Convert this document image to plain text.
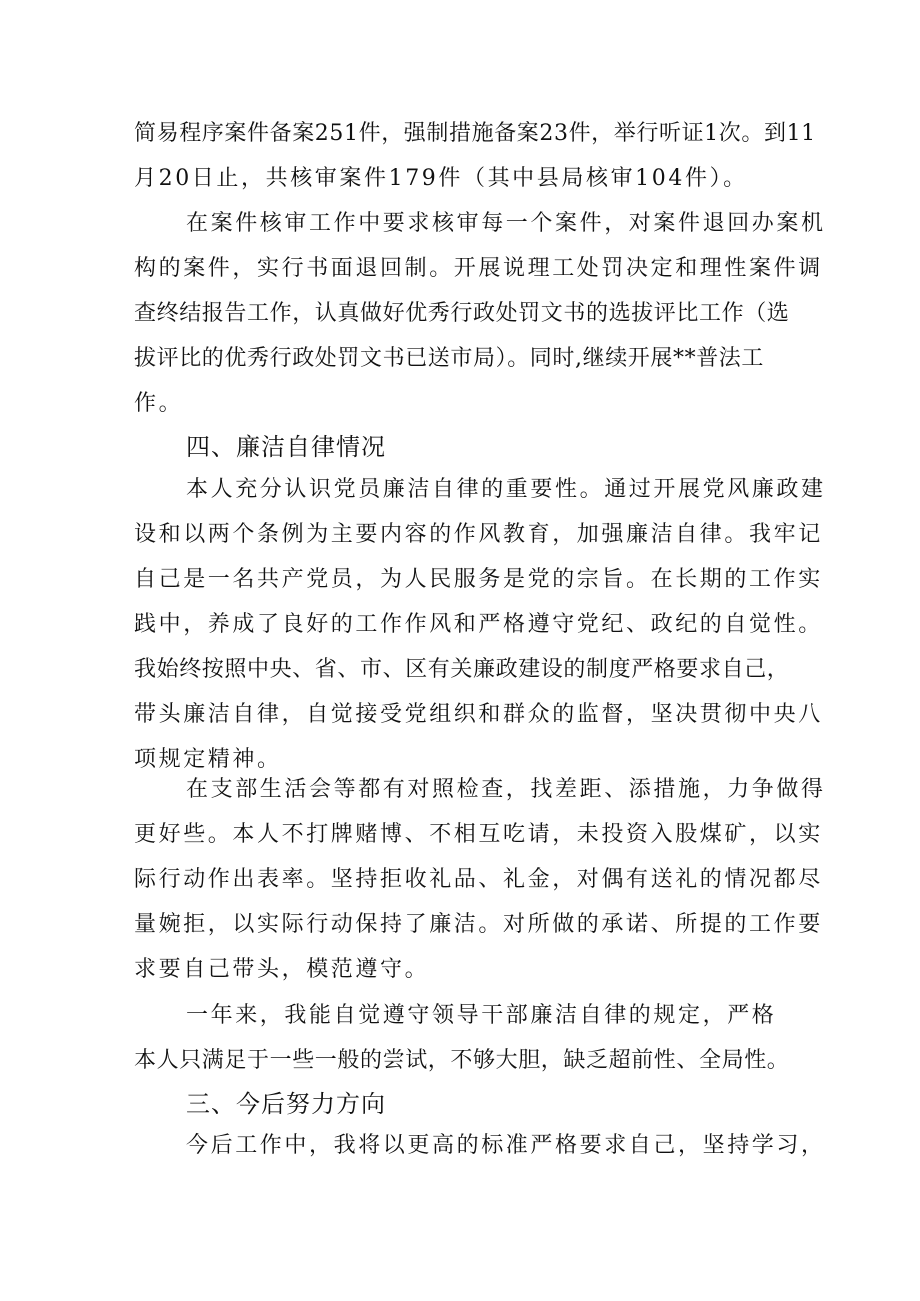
简易程序案件备案251件，强制措施备案23件，举行听证1次。到11
月20日止，共核审案件179件（其中县局核审104件）。
在案件核审工作中要求核审每一个案件，对案件退回办案机
构的案件，实行书面退回制。开展说理工处罚决定和理性案件调
查终结报告工作，认真做好优秀行政处罚文书的选拔评比工作（选
拔评比的优秀行政处罚文书已送市局）。同时,继续开展**普法工
作。
四、廉洁自律情况
本人充分认识党员廉洁自律的重要性。通过开展党风廉政建
设和以两个条例为主要内容的作风教育，加强廉洁自律。我牢记
自己是一名共产党员，为人民服务是党的宗旨。在长期的工作实
践中，养成了良好的工作作风和严格遵守党纪、政纪的自觉性。
我始终按照中央、省、市、区有关廉政建设的制度严格要求自己，
带头廉洁自律，自觉接受党组织和群众的监督，坚决贯彻中央八
项规定精神。
在支部生活会等都有对照检查，找差距、添措施，力争做得
更好些。本人不打牌赌博、不相互吃请，未投资入股煤矿，以实
际行动作出表率。坚持拒收礼品、礼金，对偶有送礼的情况都尽
量婉拒，以实际行动保持了廉洁。对所做的承诺、所提的工作要
求要自己带头，模范遵守。
一年来，我能自觉遵守领导干部廉洁自律的规定，严格
本人只满足于一些一般的尝试，不够大胆，缺乏超前性、全局性。
三、今后努力方向
今后工作中，我将以更高的标准严格要求自己，坚持学习，
